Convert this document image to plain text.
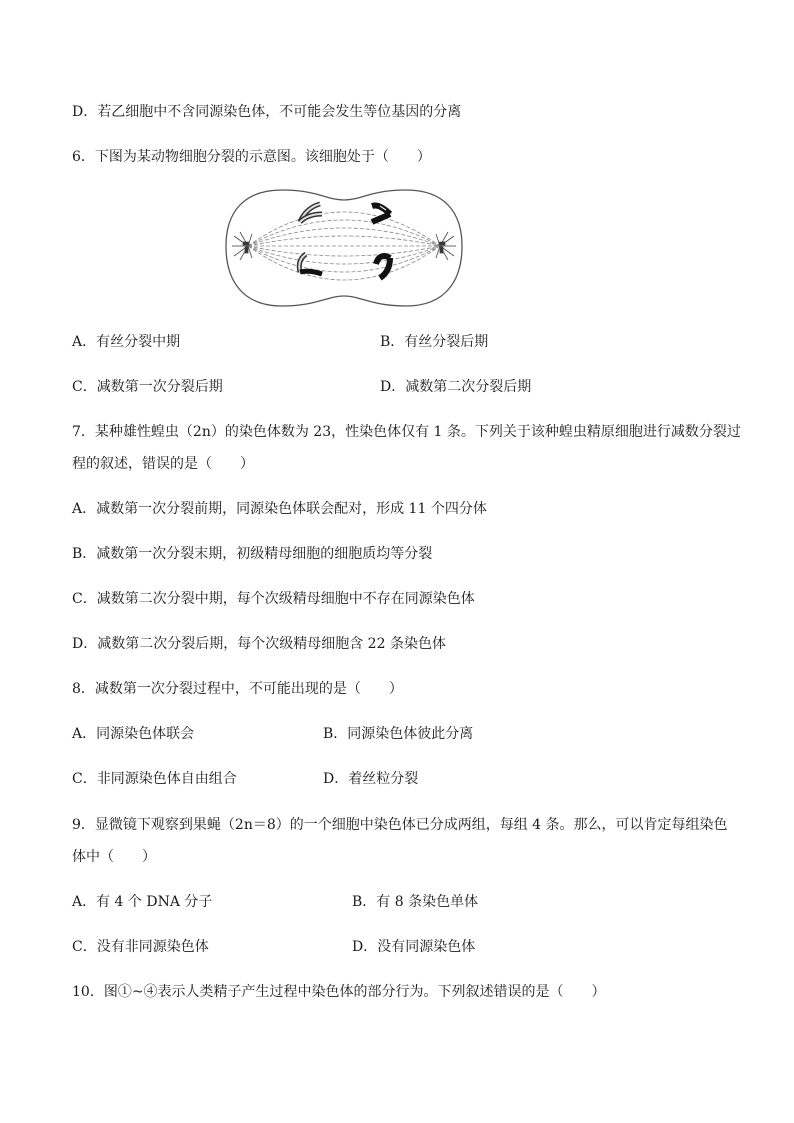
D．若乙细胞中不含同源染色体，不可能会发生等位基因的分离
6．下图为某动物细胞分裂的示意图。该细胞处于（　　）
A．有丝分裂中期	B．有丝分裂后期
C．减数第一次分裂后期	D．减数第二次分裂后期
7．某种雄性蝗虫（2n）的染色体数为 23，性染色体仅有 1 条。下列关于该种蝗虫精原细胞进行减数分裂过
程的叙述，错误的是（　　）
A．减数第一次分裂前期，同源染色体联会配对，形成 11 个四分体
B．减数第一次分裂末期，初级精母细胞的细胞质均等分裂
C．减数第二次分裂中期，每个次级精母细胞中不存在同源染色体
D．减数第二次分裂后期，每个次级精母细胞含 22 条染色体
8．减数第一次分裂过程中，不可能出现的是（　　）
A．同源染色体联会	B．同源染色体彼此分离
C．非同源染色体自由组合	D．着丝粒分裂
9．显微镜下观察到果蝇（2n＝8）的一个细胞中染色体已分成两组，每组 4 条。那么，可以肯定每组染色
体中（　　）
A．有 4 个 DNA 分子	B．有 8 条染色单体
C．没有非同源染色体	D．没有同源染色体
10．图①~④表示人类精子产生过程中染色体的部分行为。下列叙述错误的是（　　）
